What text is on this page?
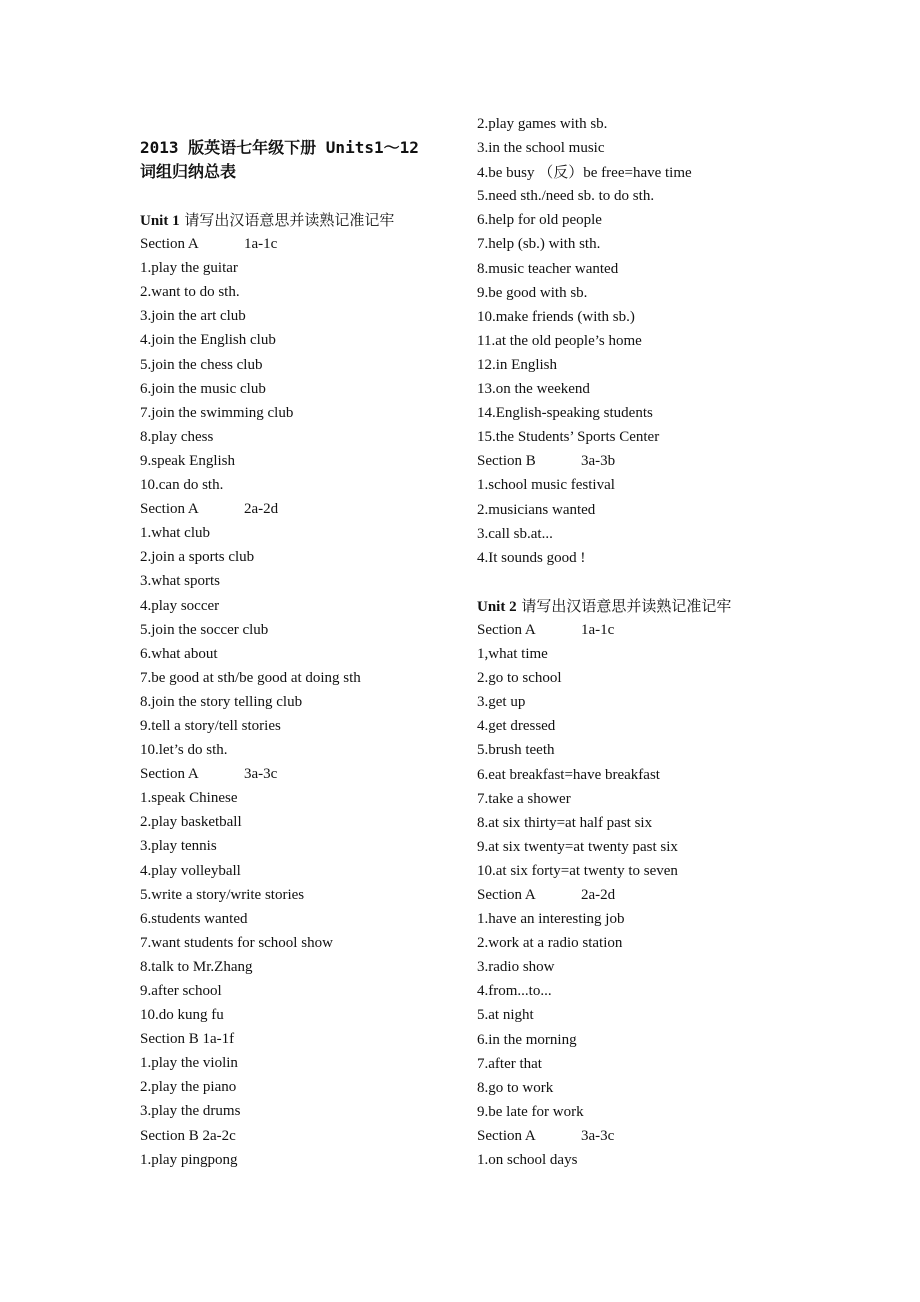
2013 版英语七年级下册 Units1～12
词组归纳总表
Unit 1 请写出汉语意思并读熟记准记牢
Section A	1a-1c
1.play the guitar
2.want to do sth.
3.join the art club
4.join the English club
5.join the chess club
6.join the music club
7.join the swimming club
8.play chess
9.speak English
10.can do sth.
Section A	2a-2d
1.what club
2.join a sports club
3.what sports
4.play soccer
5.join the soccer club
6.what about
7.be good at sth/be good at doing sth
8.join the story telling club
9.tell a story/tell stories
10.let’s do sth.
Section A	3a-3c
1.speak Chinese
2.play basketball
3.play tennis
4.play volleyball
5.write a story/write stories
6.students wanted
7.want students for school show
8.talk to Mr.Zhang
9.after school
10.do kung fu
Section B 1a-1f
1.play the violin
2.play the piano
3.play the drums
Section B 2a-2c
1.play pingpong
2.play games with sb.
3.in the school music
4.be busy （反）be free=have time
5.need sth./need sb. to do sth.
6.help for old people
7.help (sb.) with sth.
8.music teacher wanted
9.be good with sb.
10.make friends (with sb.)
11.at the old people’s home
12.in English
13.on the weekend
14.English-speaking students
15.the Students’ Sports Center
Section B	3a-3b
1.school music festival
2.musicians wanted
3.call sb.at...
4.It sounds good !
Unit 2 请写出汉语意思并读熟记准记牢
Section A	1a-1c
1,what time
2.go to school
3.get up
4.get dressed
5.brush teeth
6.eat breakfast=have breakfast
7.take a shower
8.at six thirty=at half past six
9.at six twenty=at twenty past six
10.at six forty=at twenty to seven
Section A	2a-2d
1.have an interesting job
2.work at a radio station
3.radio show
4.from...to...
5.at night
6.in the morning
7.after that
8.go to work
9.be late for work
Section A	3a-3c
1.on school days
